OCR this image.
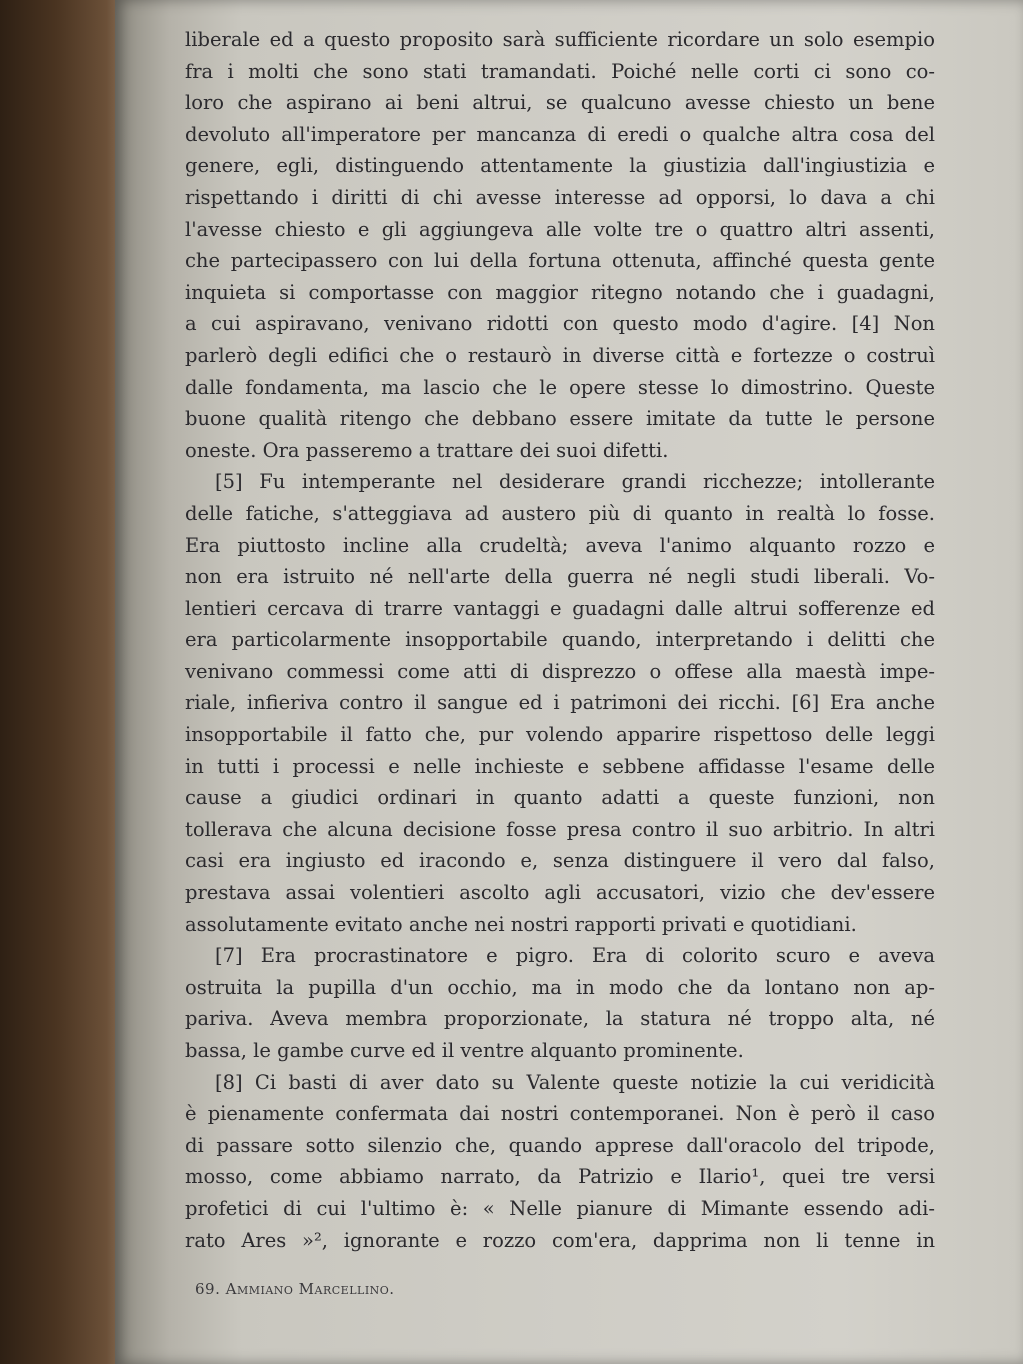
liberale ed a questo proposito sarà sufficiente ricordare un solo esempio
fra i molti che sono stati tramandati. Poiché nelle corti ci sono co-
loro che aspirano ai beni altrui, se qualcuno avesse chiesto un bene
devoluto all'imperatore per mancanza di eredi o qualche altra cosa del
genere, egli, distinguendo attentamente la giustizia dall'ingiustizia e
rispettando i diritti di chi avesse interesse ad opporsi, lo dava a chi
l'avesse chiesto e gli aggiungeva alle volte tre o quattro altri assenti,
che partecipassero con lui della fortuna ottenuta, affinché questa gente
inquieta si comportasse con maggior ritegno notando che i guadagni,
a cui aspiravano, venivano ridotti con questo modo d'agire. [4] Non
parlerò degli edifici che o restaurò in diverse città e fortezze o costruì
dalle fondamenta, ma lascio che le opere stesse lo dimostrino. Queste
buone qualità ritengo che debbano essere imitate da tutte le persone
oneste. Ora passeremo a trattare dei suoi difetti.
[5] Fu intemperante nel desiderare grandi ricchezze; intollerante
delle fatiche, s'atteggiava ad austero più di quanto in realtà lo fosse.
Era piuttosto incline alla crudeltà; aveva l'animo alquanto rozzo e
non era istruito né nell'arte della guerra né negli studi liberali. Vo-
lentieri cercava di trarre vantaggi e guadagni dalle altrui sofferenze ed
era particolarmente insopportabile quando, interpretando i delitti che
venivano commessi come atti di disprezzo o offese alla maestà impe-
riale, infieriva contro il sangue ed i patrimoni dei ricchi. [6] Era anche
insopportabile il fatto che, pur volendo apparire rispettoso delle leggi
in tutti i processi e nelle inchieste e sebbene affidasse l'esame delle
cause a giudici ordinari in quanto adatti a queste funzioni, non
tollerava che alcuna decisione fosse presa contro il suo arbitrio. In altri
casi era ingiusto ed iracondo e, senza distinguere il vero dal falso,
prestava assai volentieri ascolto agli accusatori, vizio che dev'essere
assolutamente evitato anche nei nostri rapporti privati e quotidiani.
[7] Era procrastinatore e pigro. Era di colorito scuro e aveva
ostruita la pupilla d'un occhio, ma in modo che da lontano non ap-
pariva. Aveva membra proporzionate, la statura né troppo alta, né
bassa, le gambe curve ed il ventre alquanto prominente.
[8] Ci basti di aver dato su Valente queste notizie la cui veridicità
è pienamente confermata dai nostri contemporanei. Non è però il caso
di passare sotto silenzio che, quando apprese dall'oracolo del tripode,
mosso, come abbiamo narrato, da Patrizio e Ilario¹, quei tre versi
profetici di cui l'ultimo è: « Nelle pianure di Mimante essendo adi-
rato Ares »², ignorante e rozzo com'era, dapprima non li tenne in
69. Ammiano Marcellino.
